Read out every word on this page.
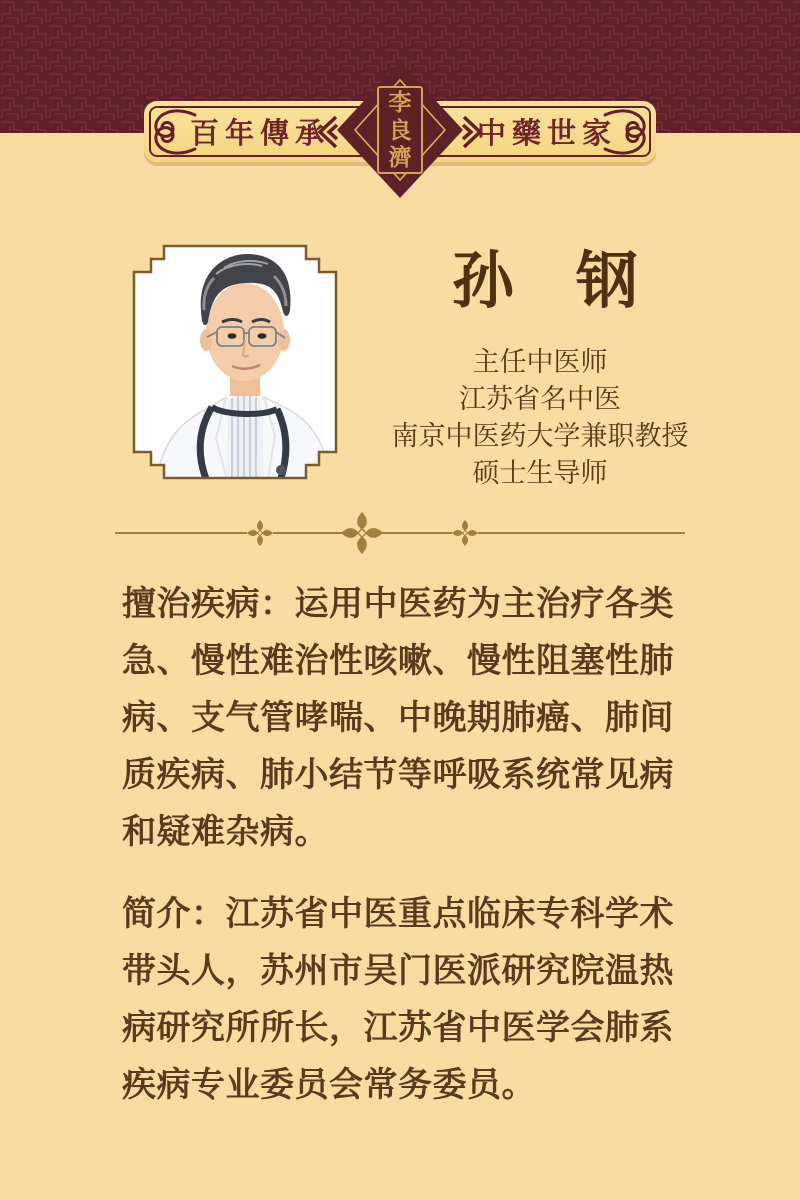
百年傳承	中藥世家
李
良
濟
孙　钢
主任中医师
江苏省名中医
南京中医药大学兼职教授
硕士生导师
擅治疾病：运用中医药为主治疗各类急、慢性难治性咳嗽、慢性阻塞性肺病、支气管哮喘、中晚期肺癌、肺间质疾病、肺小结节等呼吸系统常见病和疑难杂病。
简介：江苏省中医重点临床专科学术带头人，苏州市吴门医派研究院温热病研究所所长，江苏省中医学会肺系疾病专业委员会常务委员。
